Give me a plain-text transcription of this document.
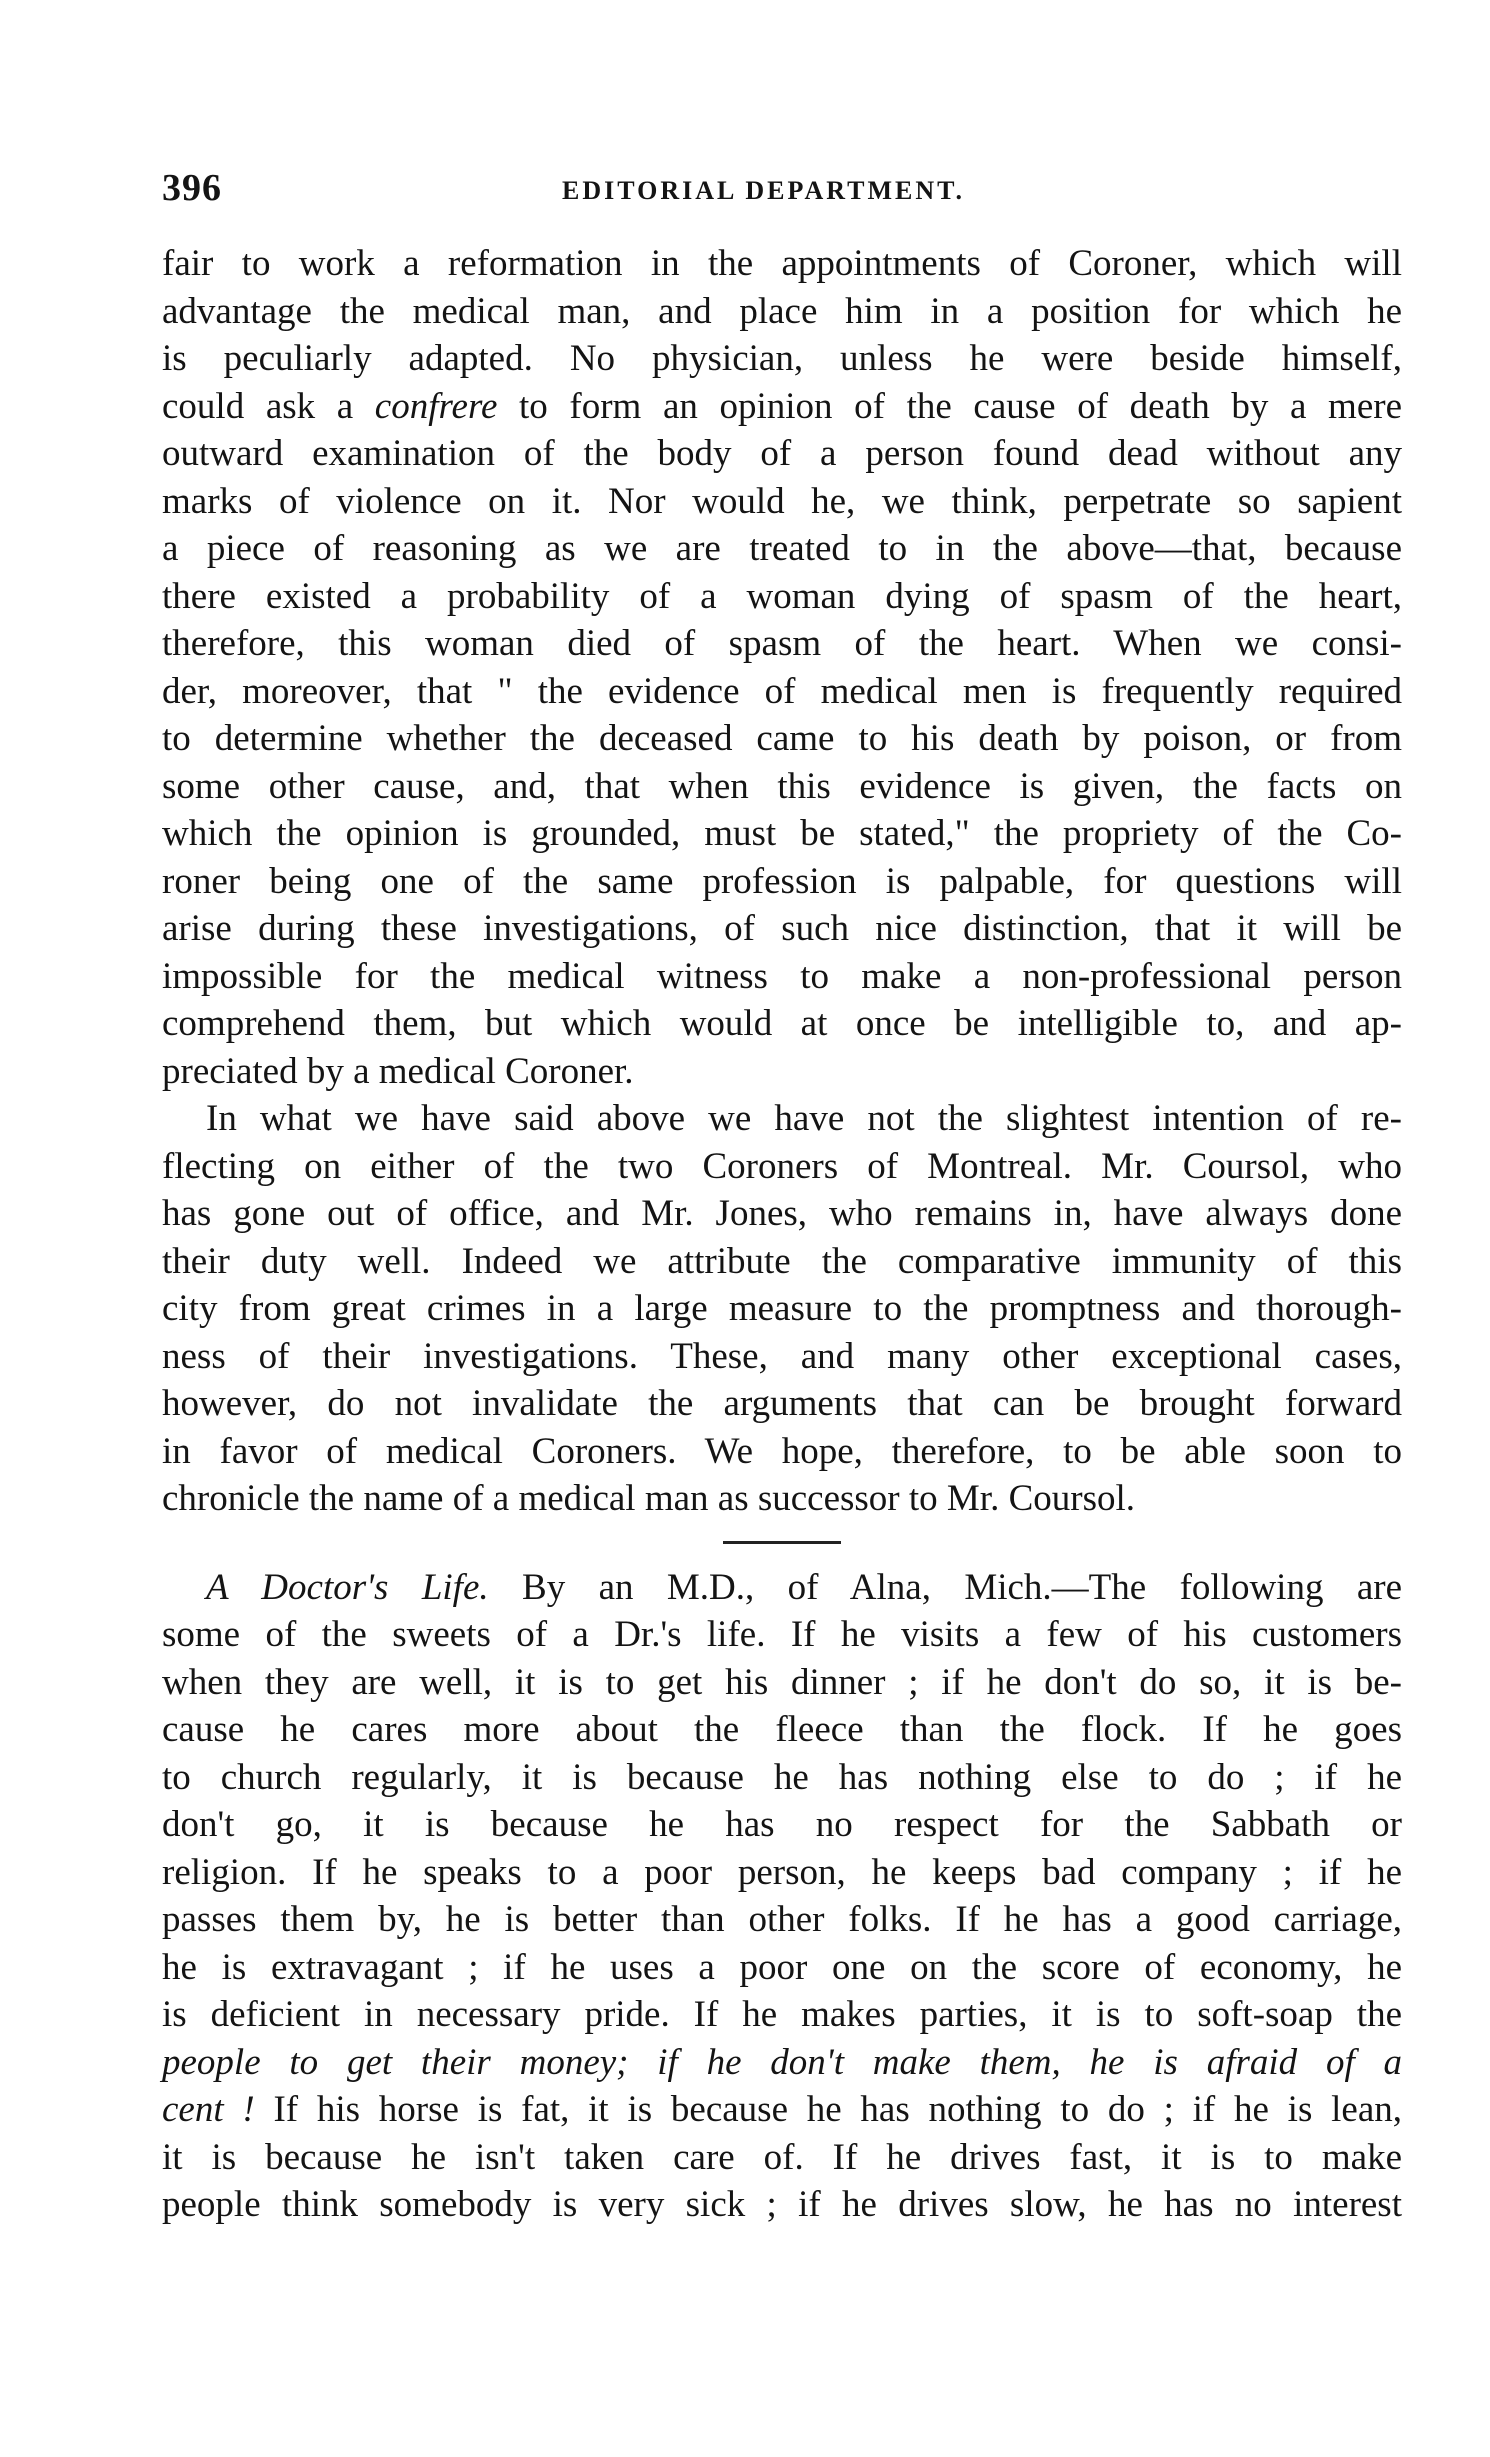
396	EDITORIAL DEPARTMENT.
fair to work a reformation in the appointments of Coroner, which will
advantage the medical man, and place him in a position for which he
is peculiarly adapted. No physician, unless he were beside himself,
could ask a confrere to form an opinion of the cause of death by a mere
outward examination of the body of a person found dead without any
marks of violence on it. Nor would he, we think, perpetrate so sapient
a piece of reasoning as we are treated to in the above—that, because
there existed a probability of a woman dying of spasm of the heart,
therefore, this woman died of spasm of the heart. When we consi-
der, moreover, that " the evidence of medical men is frequently required
to determine whether the deceased came to his death by poison, or from
some other cause, and, that when this evidence is given, the facts on
which the opinion is grounded, must be stated," the propriety of the Co-
roner being one of the same profession is palpable, for questions will
arise during these investigations, of such nice distinction, that it will be
impossible for the medical witness to make a non-professional person
comprehend them, but which would at once be intelligible to, and ap-
preciated by a medical Coroner.
In what we have said above we have not the slightest intention of re-
flecting on either of the two Coroners of Montreal. Mr. Coursol, who
has gone out of office, and Mr. Jones, who remains in, have always done
their duty well. Indeed we attribute the comparative immunity of this
city from great crimes in a large measure to the promptness and thorough-
ness of their investigations. These, and many other exceptional cases,
however, do not invalidate the arguments that can be brought forward
in favor of medical Coroners. We hope, therefore, to be able soon to
chronicle the name of a medical man as successor to Mr. Coursol.
A Doctor's Life. By an M.D., of Alna, Mich.—The following are
some of the sweets of a Dr.'s life. If he visits a few of his customers
when they are well, it is to get his dinner ; if he don't do so, it is be-
cause he cares more about the fleece than the flock. If he goes
to church regularly, it is because he has nothing else to do ; if he
don't go, it is because he has no respect for the Sabbath or
religion. If he speaks to a poor person, he keeps bad company ; if he
passes them by, he is better than other folks. If he has a good carriage,
he is extravagant ; if he uses a poor one on the score of economy, he
is deficient in necessary pride. If he makes parties, it is to soft-soap the
people to get their money; if he don't make them, he is afraid of a
cent ! If his horse is fat, it is because he has nothing to do ; if he is lean,
it is because he isn't taken care of. If he drives fast, it is to make
people think somebody is very sick ; if he drives slow, he has no interest
